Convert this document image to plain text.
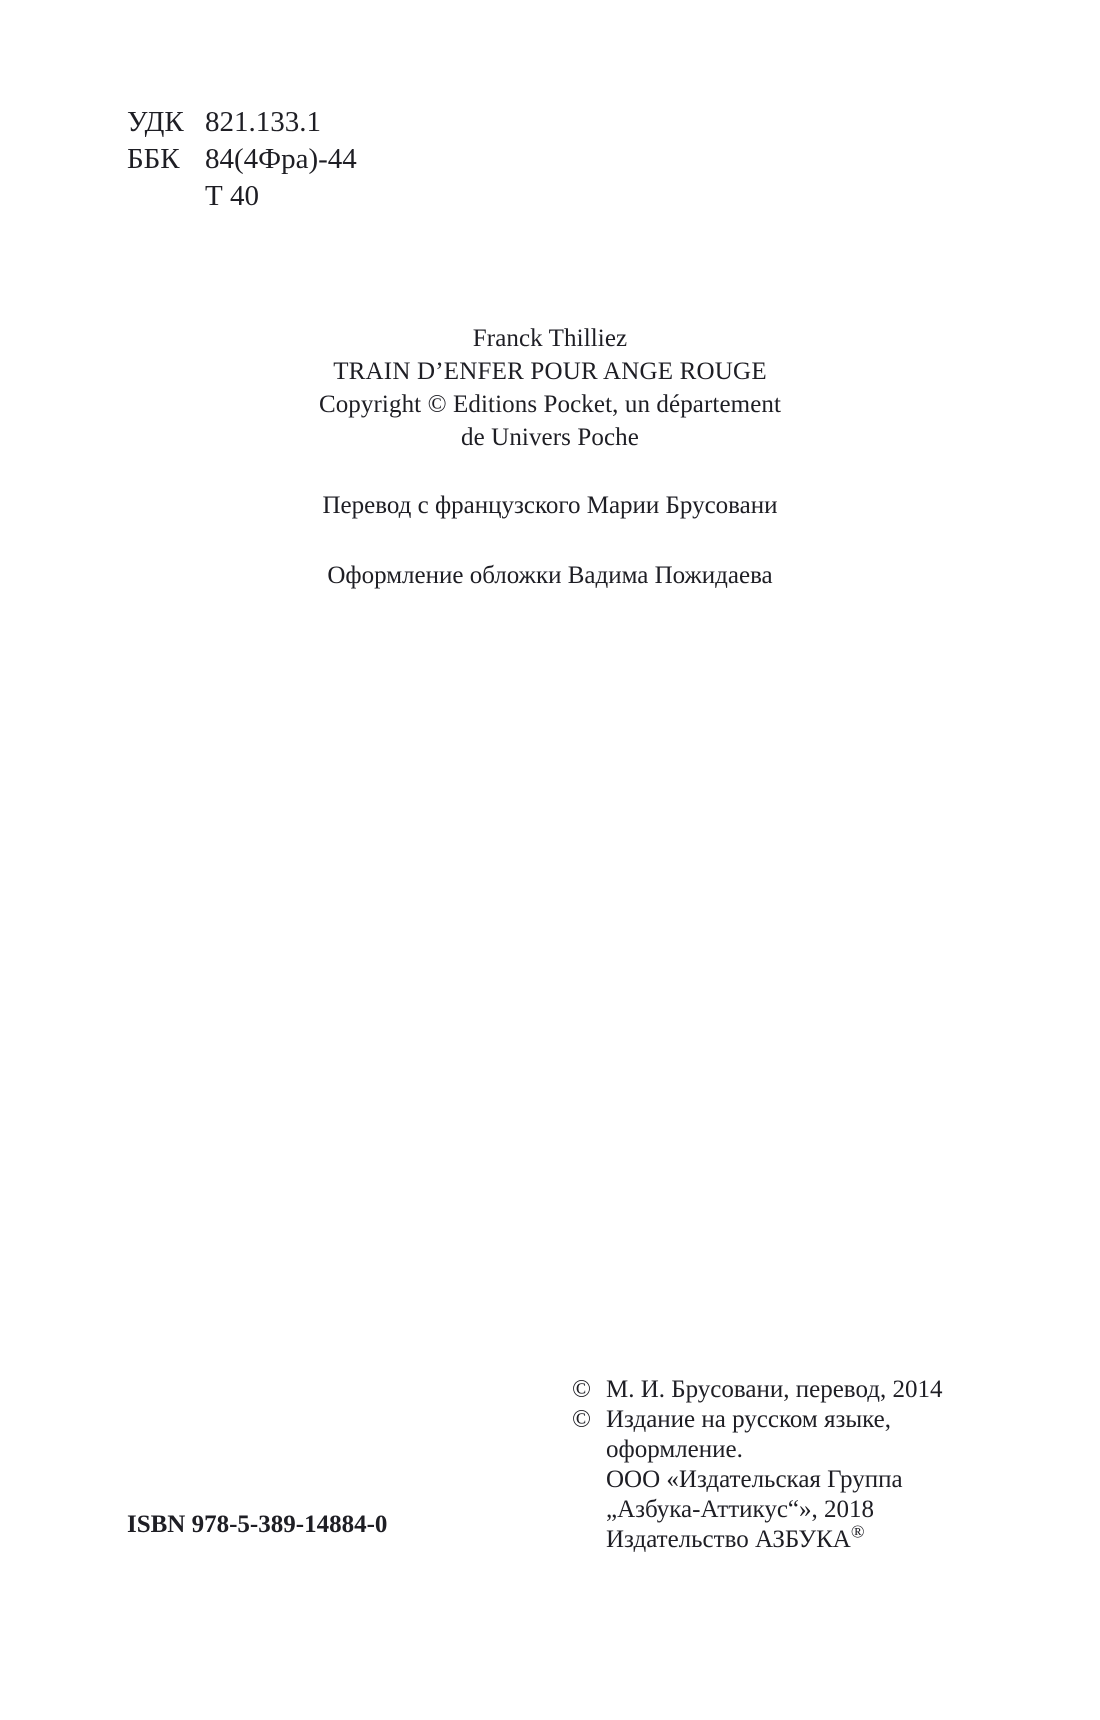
УДК 821.133.1
ББК 84(4Фра)-44
Т 40
Franck Thilliez
TRAIN D’ENFER POUR ANGE ROUGE
Copyright © Editions Pocket, un département
de Univers Poche
Перевод с французского Марии Брусовани
Оформление обложки Вадима Пожидаева
© М. И. Брусовани, перевод, 2014
© Издание на русском языке,
оформление.
ООО «Издательская Группа
„Азбука-Аттикус“», 2018
Издательство АЗБУКА®
ISBN 978-5-389-14884-0
